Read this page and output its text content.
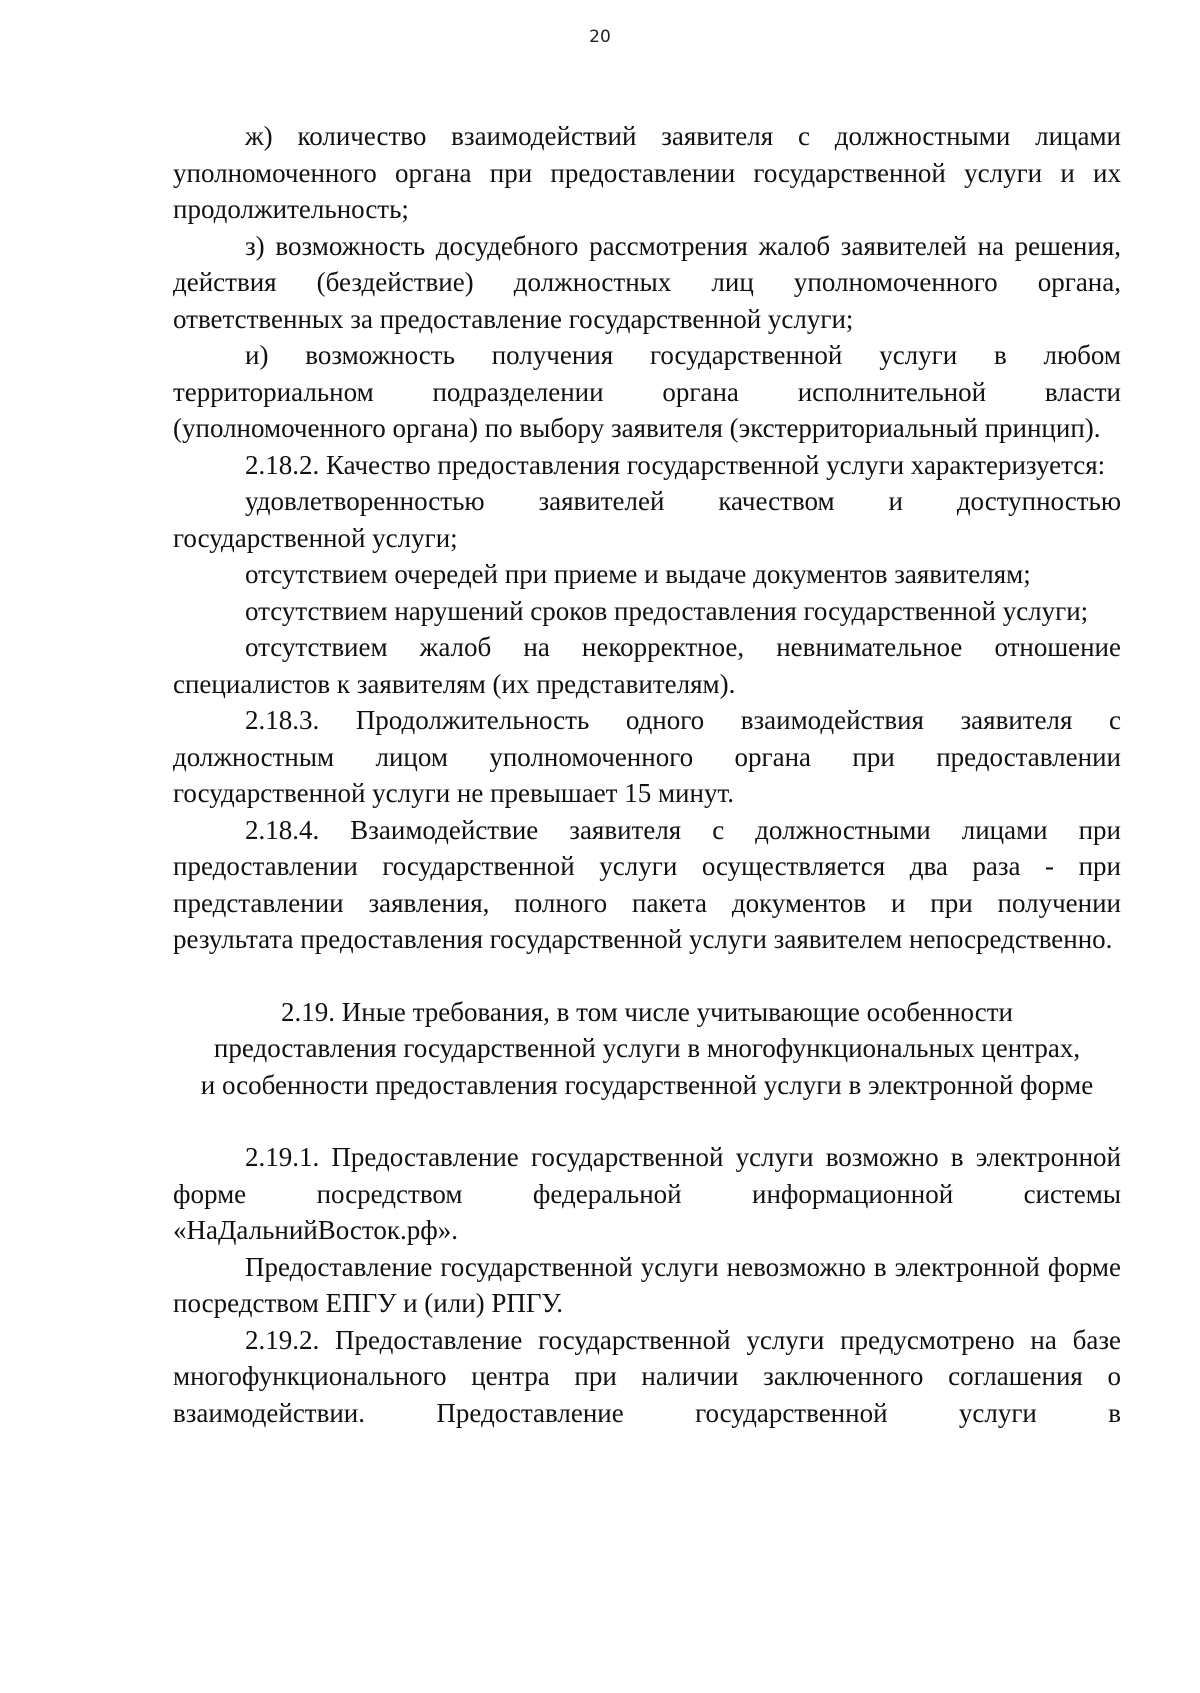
20

ж) количество взаимодействий заявителя с должностными лицами уполномоченного органа при предоставлении государственной услуги и их продолжительность;

з) возможность досудебного рассмотрения жалоб заявителей на решения, действия (бездействие) должностных лиц уполномоченного органа, ответственных за предоставление государственной услуги;

и) возможность получения государственной услуги в любом территориальном подразделении органа исполнительной власти (уполномоченного органа) по выбору заявителя (экстерриториальный принцип).

2.18.2. Качество предоставления государственной услуги характеризуется:

удовлетворенностью заявителей качеством и доступностью государственной услуги;

отсутствием очередей при приеме и выдаче документов заявителям;

отсутствием нарушений сроков предоставления государственной услуги;

отсутствием жалоб на некорректное, невнимательное отношение специалистов к заявителям (их представителям).

2.18.3. Продолжительность одного взаимодействия заявителя с должностным лицом уполномоченного органа при предоставлении государственной услуги не превышает 15 минут.

2.18.4. Взаимодействие заявителя с должностными лицами при предоставлении государственной услуги осуществляется два раза - при представлении заявления, полного пакета документов и при получении результата предоставления государственной услуги заявителем непосредственно.

2.19. Иные требования, в том числе учитывающие особенности
предоставления государственной услуги в многофункциональных центрах,
и особенности предоставления государственной услуги в электронной форме

2.19.1. Предоставление государственной услуги возможно в электронной форме посредством федеральной информационной системы «НаДальнийВосток.рф».

Предоставление государственной услуги невозможно в электронной форме посредством ЕПГУ и (или) РПГУ.

2.19.2. Предоставление государственной услуги предусмотрено на базе многофункционального центра при наличии заключенного соглашения о взаимодействии. Предоставление государственной услуги в
